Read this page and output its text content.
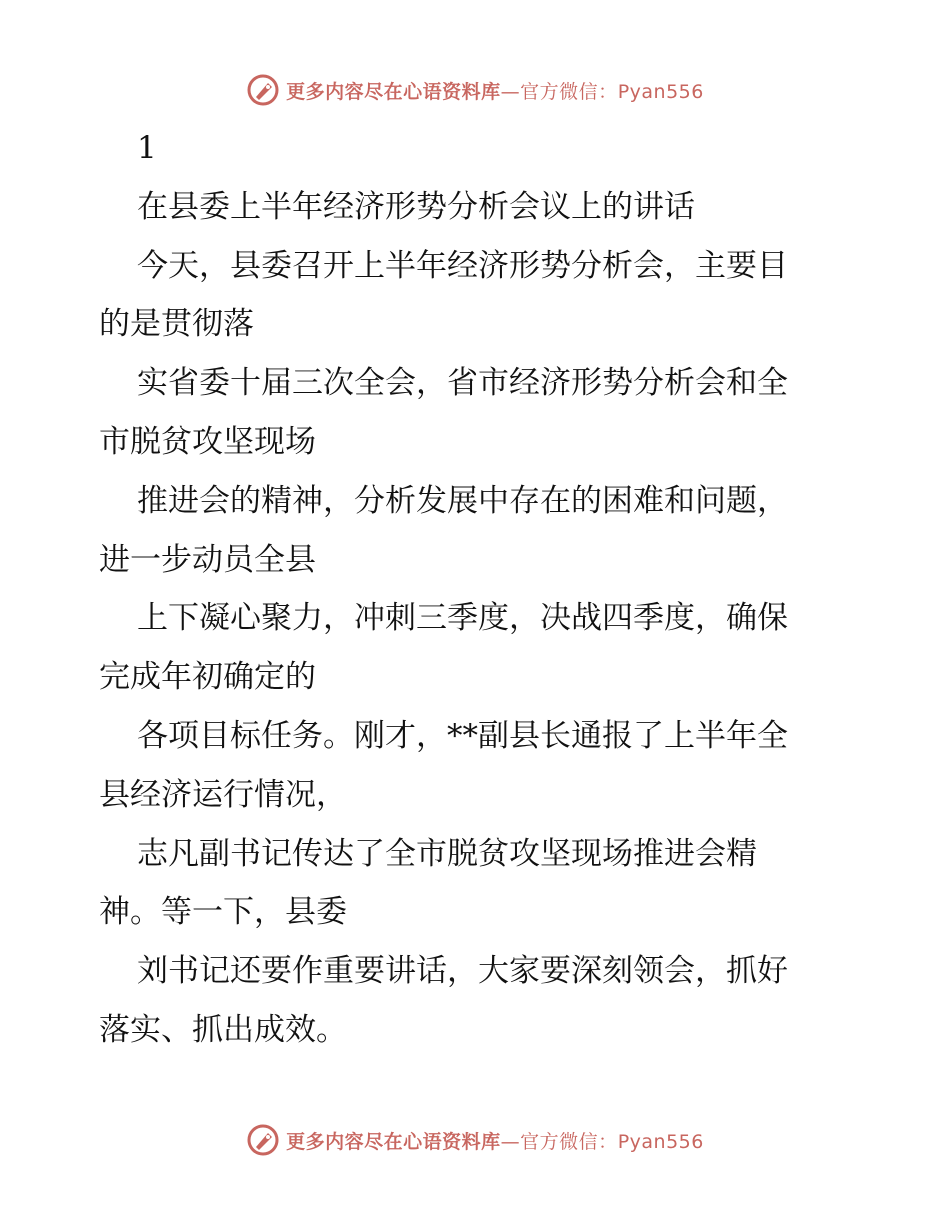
更多内容尽在心语资料库—官方微信：Pyan556
1
在县委上半年经济形势分析会议上的讲话
今天，县委召开上半年经济形势分析会，主要目
的是贯彻落
实省委十届三次全会，省市经济形势分析会和全
市脱贫攻坚现场
推进会的精神，分析发展中存在的困难和问题，
进一步动员全县
上下凝心聚力，冲刺三季度，决战四季度，确保
完成年初确定的
各项目标任务。刚才，**副县长通报了上半年全
县经济运行情况，
志凡副书记传达了全市脱贫攻坚现场推进会精
神。等一下，县委
刘书记还要作重要讲话，大家要深刻领会，抓好
落实、抓出成效。
更多内容尽在心语资料库—官方微信：Pyan556
